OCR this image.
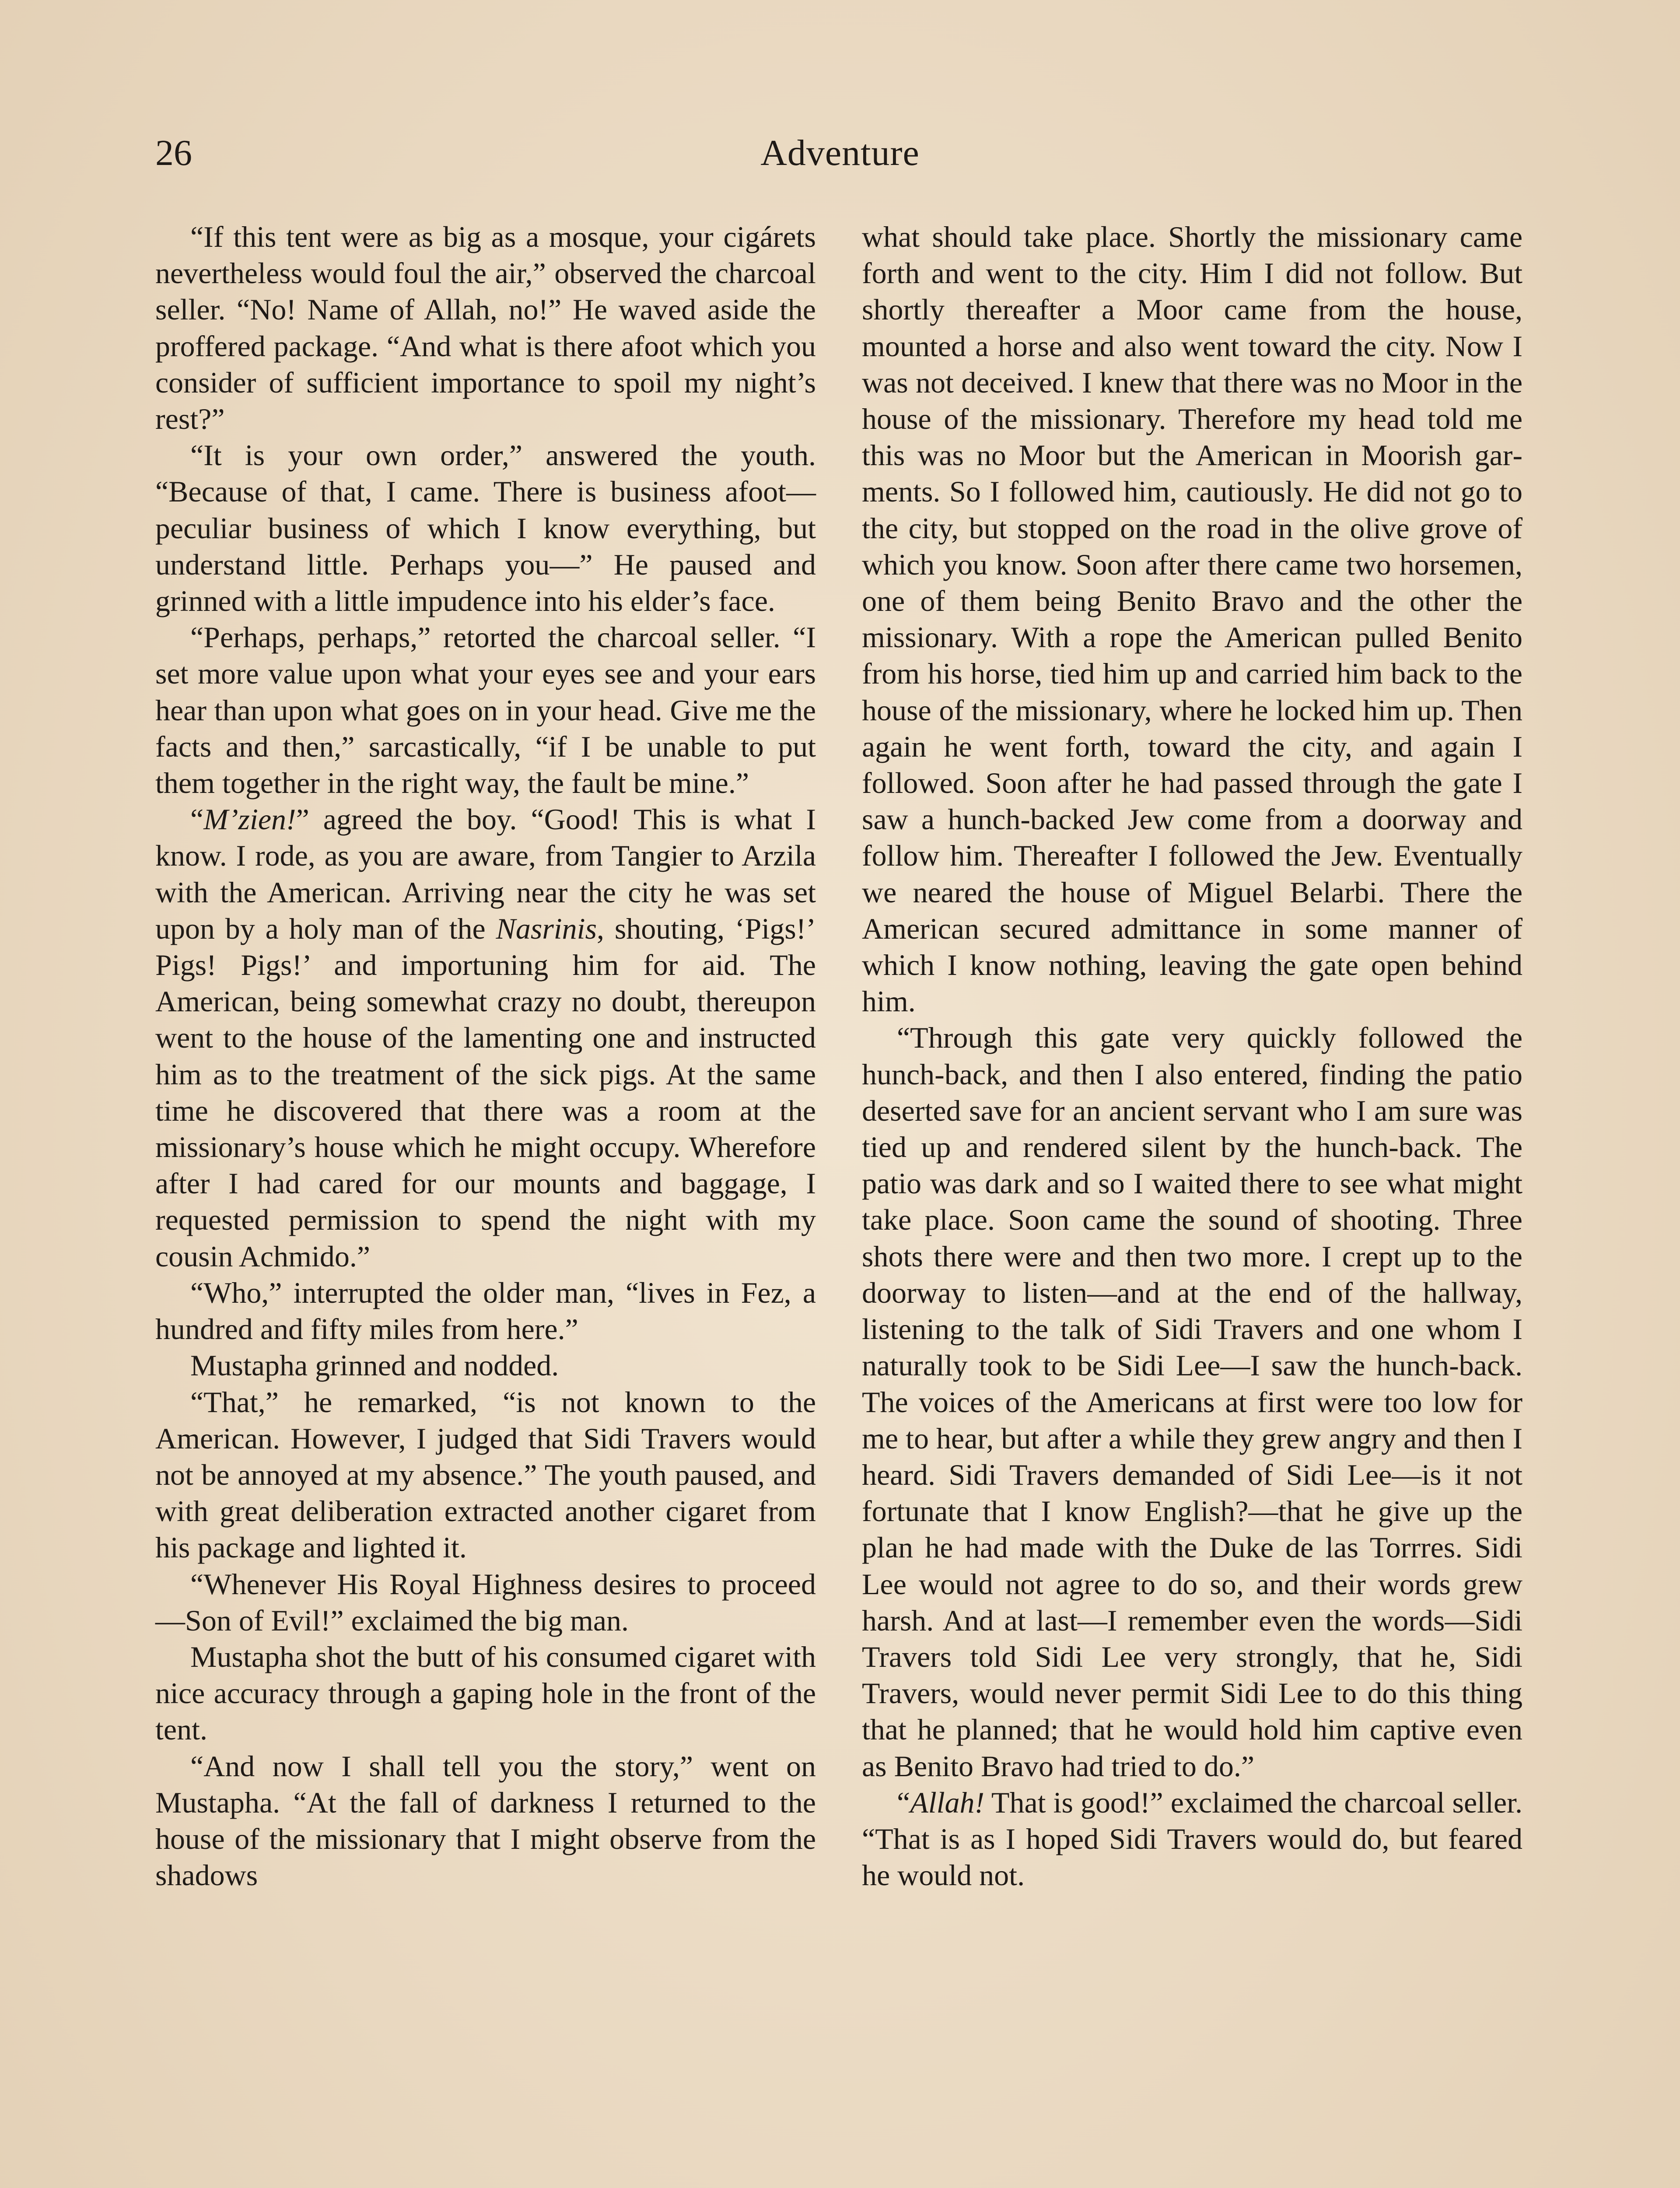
Adventure
26

“If this tent were as big as a mosque, your cigárets nevertheless would foul the air,” observed the charcoal seller. “No! Name of Allah, no!” He waved aside the proffered package. “And what is there afoot which you consider of sufficient importance to spoil my night’s rest?”

“It is your own order,” answered the youth. “Because of that, I came. There is business afoot—peculiar business of which I know everything, but understand little. Perhaps you—” He paused and grinned with a little impudence into his elder’s face.

“Perhaps, perhaps,” retorted the charcoal seller. “I set more value upon what your eyes see and your ears hear than upon what goes on in your head. Give me the facts and then,” sarcastically, “if I be unable to put them together in the right way, the fault be mine.”

“M’zien!” agreed the boy. “Good! This is what I know. I rode, as you are aware, from Tangier to Arzila with the American. Arriving near the city he was set upon by a holy man of the Nasrinis, shouting, ‘Pigs!’ Pigs! Pigs!’ and importuning him for aid. The American, being somewhat crazy no doubt, thereupon went to the house of the lamenting one and instructed him as to the treatment of the sick pigs. At the same time he discovered that there was a room at the missionary’s house which he might occupy. Wherefore after I had cared for our mounts and baggage, I requested permission to spend the night with my cousin Achmido.”

“Who,” interrupted the older man, “lives in Fez, a hundred and fifty miles from here.”

Mustapha grinned and nodded.

“That,” he remarked, “is not known to the American. However, I judged that Sidi Travers would not be annoyed at my absence.” The youth paused, and with great deliberation extracted another cigaret from his package and lighted it.

“Whenever His Royal Highness desires to proceed—Son of Evil!” exclaimed the big man.

Mustapha shot the butt of his consumed cigaret with nice accuracy through a gaping hole in the front of the tent.

“And now I shall tell you the story,” went on Mustapha. “At the fall of darkness I returned to the house of the missionary that I might observe from the shadows

what should take place. Shortly the missionary came forth and went to the city. Him I did not follow. But shortly thereafter a Moor came from the house, mounted a horse and also went toward the city. Now I was not deceived. I knew that there was no Moor in the house of the missionary. Therefore my head told me this was no Moor but the American in Moorish garments. So I followed him, cautiously. He did not go to the city, but stopped on the road in the olive grove of which you know. Soon after there came two horsemen, one of them being Benito Bravo and the other the missionary. With a rope the American pulled Benito from his horse, tied him up and carried him back to the house of the missionary, where he locked him up. Then again he went forth, toward the city, and again I followed. Soon after he had passed through the gate I saw a hunch-backed Jew come from a doorway and follow him. Thereafter I followed the Jew. Eventually we neared the house of Miguel Belarbi. There the American secured admittance in some manner of which I know nothing, leaving the gate open behind him.

“Through this gate very quickly followed the hunch-back, and then I also entered, finding the patio deserted save for an ancient servant who I am sure was tied up and rendered silent by the hunch-back. The patio was dark and so I waited there to see what might take place. Soon came the sound of shooting. Three shots there were and then two more. I crept up to the doorway to listen—and at the end of the hallway, listening to the talk of Sidi Travers and one whom I naturally took to be Sidi Lee—I saw the hunch-back. The voices of the Americans at first were too low for me to hear, but after a while they grew angry and then I heard. Sidi Travers demanded of Sidi Lee—is it not fortunate that I know English?—that he give up the plan he had made with the Duke de las Torrres. Sidi Lee would not agree to do so, and their words grew harsh. And at last—I remember even the words—Sidi Travers told Sidi Lee very strongly, that he, Sidi Travers, would never permit Sidi Lee to do this thing that he planned; that he would hold him captive even as Benito Bravo had tried to do.”

“Allah! That is good!” exclaimed the charcoal seller. “That is as I hoped Sidi Travers would do, but feared he would not.
